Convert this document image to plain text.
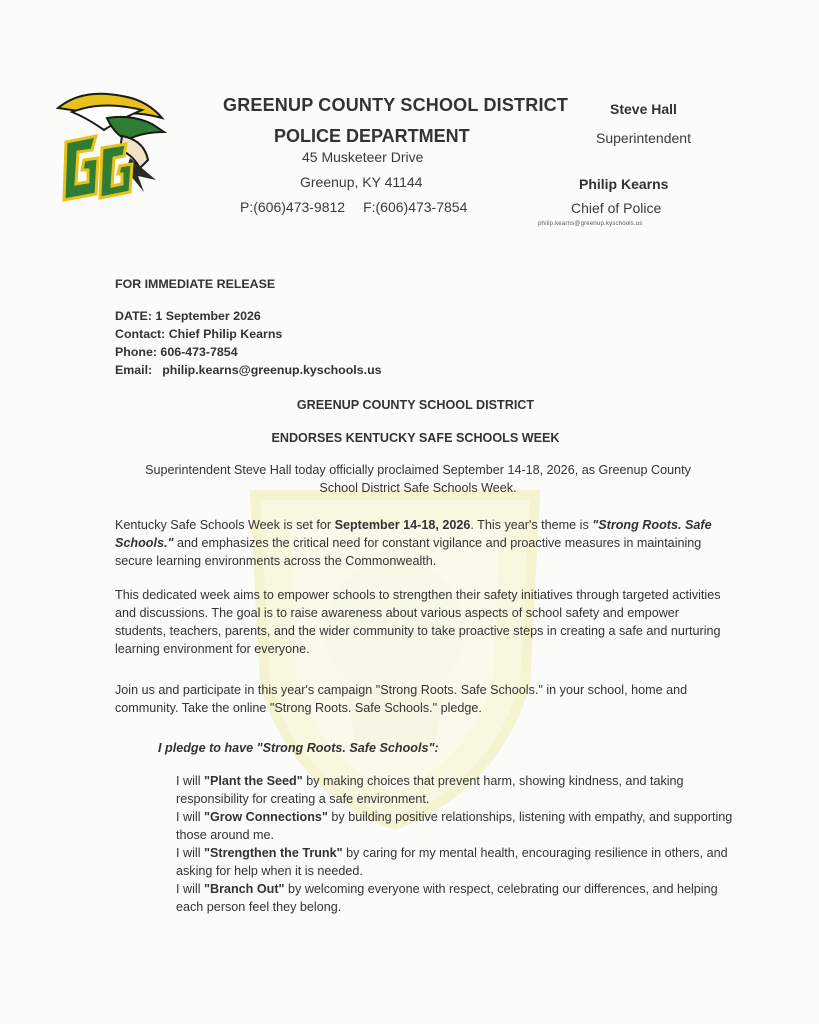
GREENUP COUNTY SCHOOL DISTRICT
POLICE DEPARTMENT
45 Musketeer Drive
Greenup, KY 41144
P:(606)473-9812 F:(606)473-7854
Steve Hall
Superintendent
Philip Kearns
Chief of Police
philip.kearns@greenup.kyschools.us
FOR IMMEDIATE RELEASE
DATE: 1 September 2026
Contact: Chief Philip Kearns
Phone: 606-473-7854
Email: philip.kearns@greenup.kyschools.us
GREENUP COUNTY SCHOOL DISTRICT
ENDORSES KENTUCKY SAFE SCHOOLS WEEK
Superintendent Steve Hall today officially proclaimed September 14-18, 2026, as Greenup County School District Safe Schools Week.
Kentucky Safe Schools Week is set for September 14-18, 2026. This year's theme is "Strong Roots. Safe Schools." and emphasizes the critical need for constant vigilance and proactive measures in maintaining secure learning environments across the Commonwealth.
This dedicated week aims to empower schools to strengthen their safety initiatives through targeted activities and discussions. The goal is to raise awareness about various aspects of school safety and empower students, teachers, parents, and the wider community to take proactive steps in creating a safe and nurturing learning environment for everyone.
Join us and participate in this year's campaign "Strong Roots. Safe Schools." in your school, home and community. Take the online "Strong Roots. Safe Schools." pledge.
I pledge to have "Strong Roots. Safe Schools":
I will "Plant the Seed" by making choices that prevent harm, showing kindness, and taking responsibility for creating a safe environment.
I will "Grow Connections" by building positive relationships, listening with empathy, and supporting those around me.
I will "Strengthen the Trunk" by caring for my mental health, encouraging resilience in others, and asking for help when it is needed.
I will "Branch Out" by welcoming everyone with respect, celebrating our differences, and helping each person feel they belong.
